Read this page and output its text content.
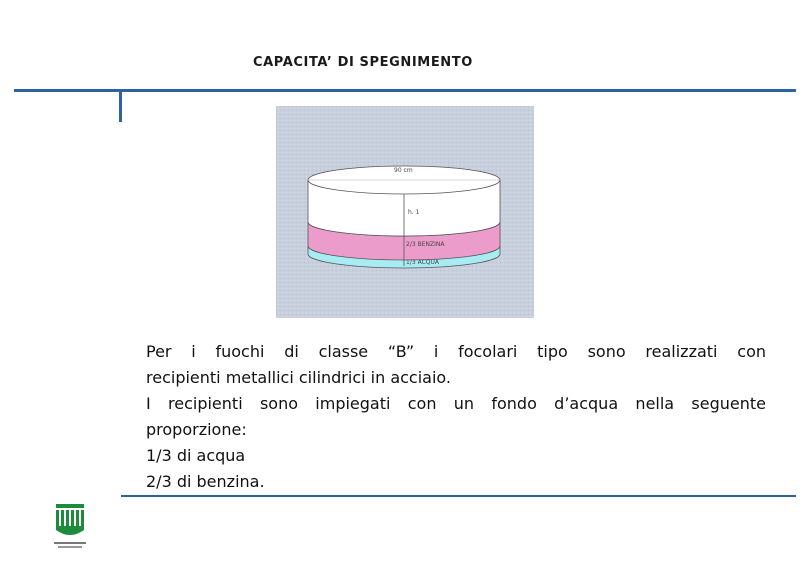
CAPACITA’ DI SPEGNIMENTO
90 cm
h. 1
2/3 BENZINA
1/3 ACQUA

Per i fuochi di classe “B” i focolari tipo sono realizzati con

recipienti metallici cilindrici in acciaio.

I recipienti sono impiegati con un fondo d’acqua nella seguente

proporzione:

1/3 di acqua

2/3 di benzina.
